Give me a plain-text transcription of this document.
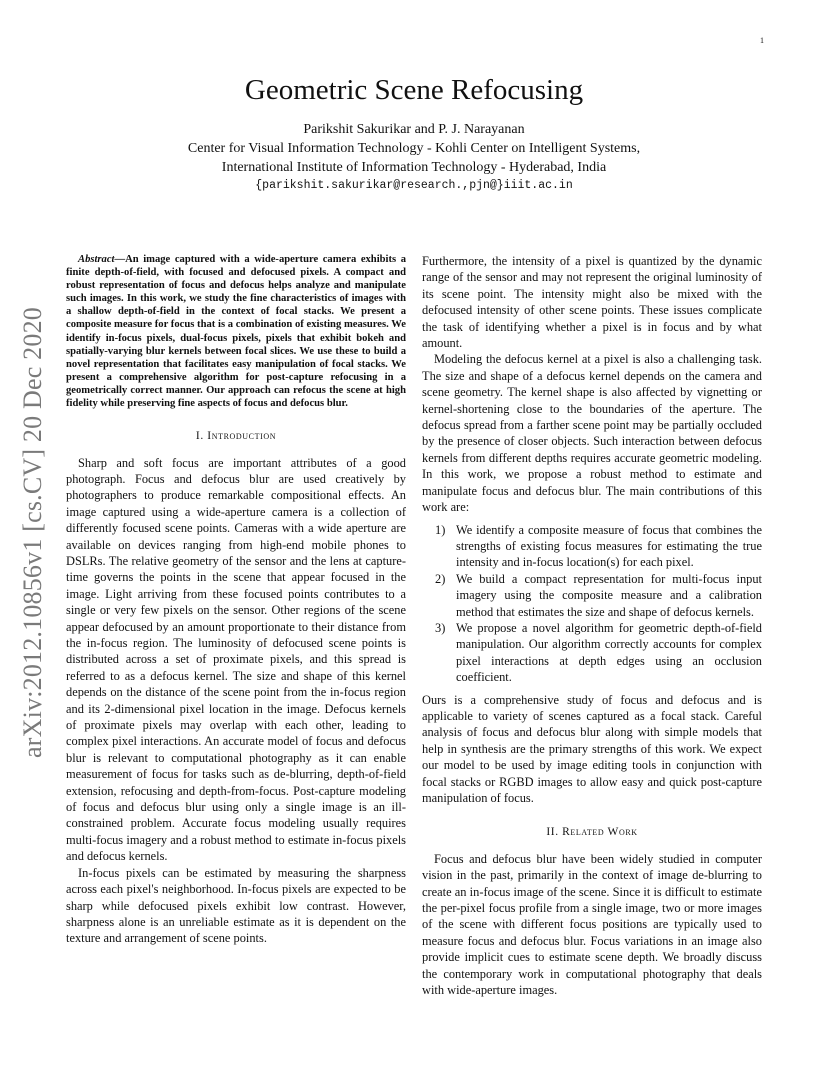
1
arXiv:2012.10856v1 [cs.CV] 20 Dec 2020
Geometric Scene Refocusing
Parikshit Sakurikar and P. J. Narayanan
Center for Visual Information Technology - Kohli Center on Intelligent Systems,
International Institute of Information Technology - Hyderabad, India
{parikshit.sakurikar@research.,pjn@}iiit.ac.in

Abstract—An image captured with a wide-aperture camera exhibits a finite depth-of-field, with focused and defocused pixels. A compact and robust representation of focus and defocus helps analyze and manipulate such images. In this work, we study the fine characteristics of images with a shallow depth-of-field in the context of focal stacks. We present a composite measure for focus that is a combination of existing measures. We identify in-focus pixels, dual-focus pixels, pixels that exhibit bokeh and spatially-varying blur kernels between focal slices. We use these to build a novel representation that facilitates easy manipulation of focal stacks. We present a comprehensive algorithm for post-capture refocusing in a geometrically correct manner. Our approach can refocus the scene at high fidelity while preserving fine aspects of focus and defocus blur.

I. Introduction

Sharp and soft focus are important attributes of a good photograph. Focus and defocus blur are used creatively by photographers to produce remarkable compositional effects. An image captured using a wide-aperture camera is a collection of differently focused scene points. Cameras with a wide aperture are available on devices ranging from high-end mobile phones to DSLRs. The relative geometry of the sensor and the lens at capture-time governs the points in the scene that appear focused in the image. Light arriving from these focused points contributes to a single or very few pixels on the sensor. Other regions of the scene appear defocused by an amount proportionate to their distance from the in-focus region. The luminosity of defocused scene points is distributed across a set of proximate pixels, and this spread is referred to as a defocus kernel. The size and shape of this kernel depends on the distance of the scene point from the in-focus region and its 2-dimensional pixel location in the image. Defocus kernels of proximate pixels may overlap with each other, leading to complex pixel interactions. An accurate model of focus and defocus blur is relevant to computational photography as it can enable measurement of focus for tasks such as de-blurring, depth-of-field extension, refocusing and depth-from-focus. Post-capture modeling of focus and defocus blur using only a single image is an ill-constrained problem. Accurate focus modeling usually requires multi-focus imagery and a robust method to estimate in-focus pixels and defocus kernels.

In-focus pixels can be estimated by measuring the sharpness across each pixel's neighborhood. In-focus pixels are expected to be sharp while defocused pixels exhibit low contrast. However, sharpness alone is an unreliable estimate as it is dependent on the texture and arrangement of scene points.

Furthermore, the intensity of a pixel is quantized by the dynamic range of the sensor and may not represent the original luminosity of its scene point. The intensity might also be mixed with the defocused intensity of other scene points. These issues complicate the task of identifying whether a pixel is in focus and by what amount.

Modeling the defocus kernel at a pixel is also a challenging task. The size and shape of a defocus kernel depends on the camera and scene geometry. The kernel shape is also affected by vignetting or kernel-shortening close to the boundaries of the aperture. The defocus spread from a farther scene point may be partially occluded by the presence of closer objects. Such interaction between defocus kernels from different depths requires accurate geometric modeling. In this work, we propose a robust method to estimate and manipulate focus and defocus blur. The main contributions of this work are:

1) We identify a composite measure of focus that combines the strengths of existing focus measures for estimating the true intensity and in-focus location(s) for each pixel.
2) We build a compact representation for multi-focus input imagery using the composite measure and a calibration method that estimates the size and shape of defocus kernels.
3) We propose a novel algorithm for geometric depth-of-field manipulation. Our algorithm correctly accounts for complex pixel interactions at depth edges using an occlusion coefficient.

Ours is a comprehensive study of focus and defocus and is applicable to variety of scenes captured as a focal stack. Careful analysis of focus and defocus blur along with simple models that help in synthesis are the primary strengths of this work. We expect our model to be used by image editing tools in conjunction with focal stacks or RGBD images to allow easy and quick post-capture manipulation of focus.

II. Related Work

Focus and defocus blur have been widely studied in computer vision in the past, primarily in the context of image de-blurring to create an in-focus image of the scene. Since it is difficult to estimate the per-pixel focus profile from a single image, two or more images of the scene with different focus positions are typically used to measure focus and defocus blur. Focus variations in an image also provide implicit cues to estimate scene depth. We broadly discuss the contemporary work in computational photography that deals with wide-aperture images.
